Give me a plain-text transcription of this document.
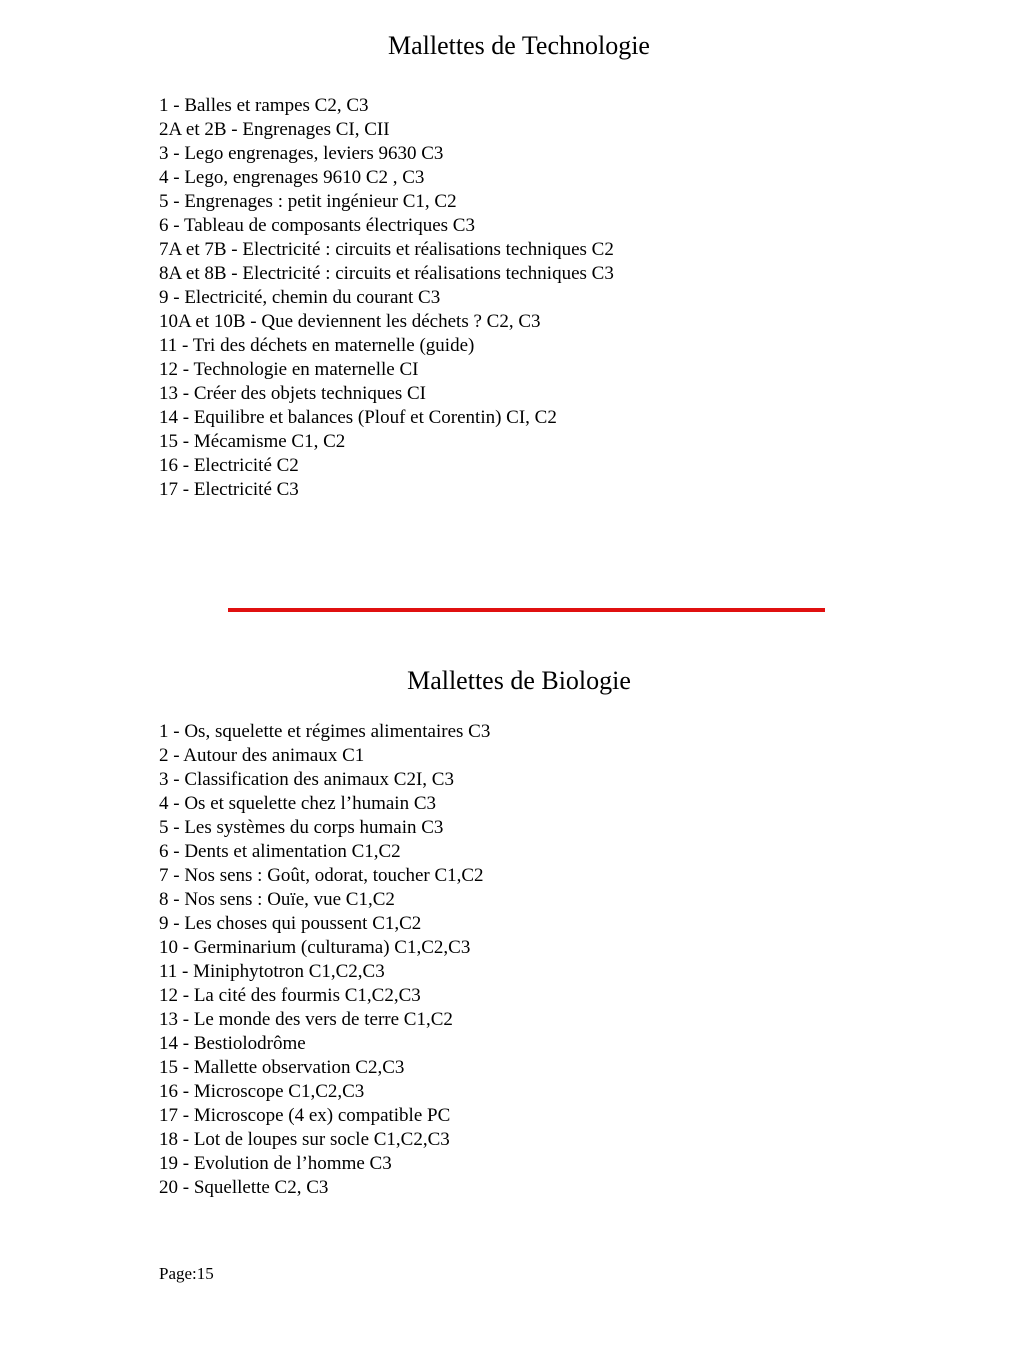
Mallettes de Technologie
1 - Balles et rampes C2, C3
2A et 2B - Engrenages CI, CII
3 - Lego engrenages, leviers 9630 C3
4 - Lego, engrenages 9610 C2 , C3
5 - Engrenages : petit ingénieur C1, C2
6 - Tableau de composants électriques C3
7A et 7B - Electricité : circuits et réalisations techniques C2
8A et 8B - Electricité : circuits et réalisations techniques C3
9 - Electricité, chemin du courant C3
10A et 10B - Que deviennent les déchets ? C2, C3
11 - Tri des déchets en maternelle (guide)
12 - Technologie en maternelle CI
13 - Créer des objets techniques CI
14 - Equilibre et balances (Plouf et Corentin) CI, C2
15 - Mécamisme C1, C2
16 - Electricité C2
17 - Electricité C3
Mallettes de Biologie
1 - Os, squelette et régimes alimentaires C3
2 - Autour des animaux C1
3 - Classification des animaux C2I, C3
4 - Os et squelette chez l’humain C3
5 - Les systèmes du corps humain C3
6 - Dents et alimentation C1,C2
7 - Nos sens : Goût, odorat, toucher C1,C2
8 - Nos sens : Ouïe, vue C1,C2
9 - Les choses qui poussent C1,C2
10 - Germinarium (culturama) C1,C2,C3
11 - Miniphytotron C1,C2,C3
12 - La cité des fourmis C1,C2,C3
13 - Le monde des vers de terre C1,C2
14 - Bestiolodrôme
15 - Mallette observation C2,C3
16 - Microscope C1,C2,C3
17 - Microscope (4 ex) compatible PC
18 - Lot de loupes sur socle C1,C2,C3
19 - Evolution de l’homme C3
20 - Squellette C2, C3
Page:15
